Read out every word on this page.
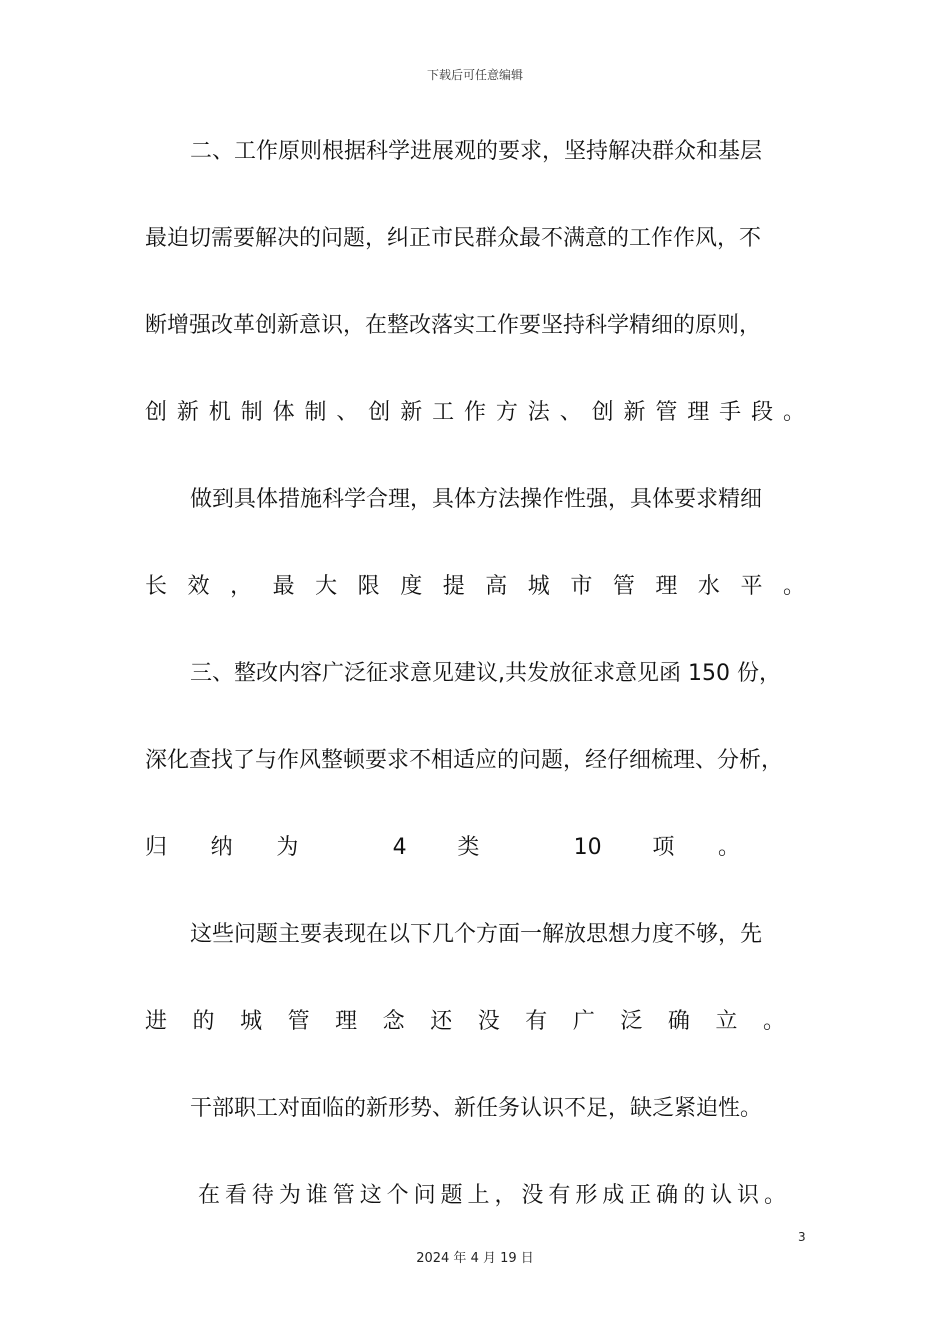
下载后可任意编辑
二、工作原则根据科学进展观的要求，坚持解决群众和基层
最迫切需要解决的问题，纠正市民群众最不满意的工作作风，不
断增强改革创新意识，在整改落实工作要坚持科学精细的原则，
创新机制体制、创新工作方法、创新管理手段。
做到具体措施科学合理，具体方法操作性强，具体要求精细
长效，最大限度提高城市管理水平。
三、整改内容广泛征求意见建议,共发放征求意见函 150 份，
深化查找了与作风整顿要求不相适应的问题，经仔细梳理、分析，
归纳为 4 类 10 项。
这些问题主要表现在以下几个方面一解放思想力度不够，先
进的城管理念还没有广泛确立。
干部职工对面临的新形势、新任务认识不足，缺乏紧迫性。
在看待为谁管这个问题上，没有形成正确的认识。
3
2024 年 4 月 19 日
